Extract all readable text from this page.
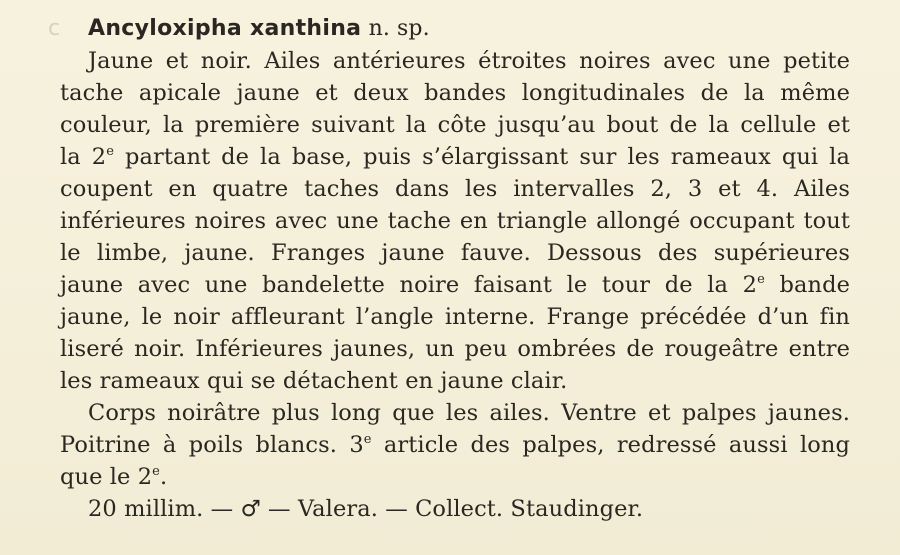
c	Ancyloxipha xanthina n. sp.
Jaune et noir. Ailes antérieures étroites noires avec une petite
tache apicale jaune et deux bandes longitudinales de la même
couleur, la première suivant la côte jusqu’au bout de la cellule et
la 2e partant de la base, puis s’élargissant sur les rameaux qui la
coupent en quatre taches dans les intervalles 2, 3 et 4. Ailes
inférieures noires avec une tache en triangle allongé occupant tout
le limbe, jaune. Franges jaune fauve. Dessous des supérieures
jaune avec une bandelette noire faisant le tour de la 2e bande
jaune, le noir affleurant l’angle interne. Frange précédée d’un fin
liseré noir. Inférieures jaunes, un peu ombrées de rougeâtre entre
les rameaux qui se détachent en jaune clair.
Corps noirâtre plus long que les ailes. Ventre et palpes jaunes.
Poitrine à poils blancs. 3e article des palpes, redressé aussi long
que le 2e.
20 millim. — ♂ — Valera. — Collect. Staudinger.
